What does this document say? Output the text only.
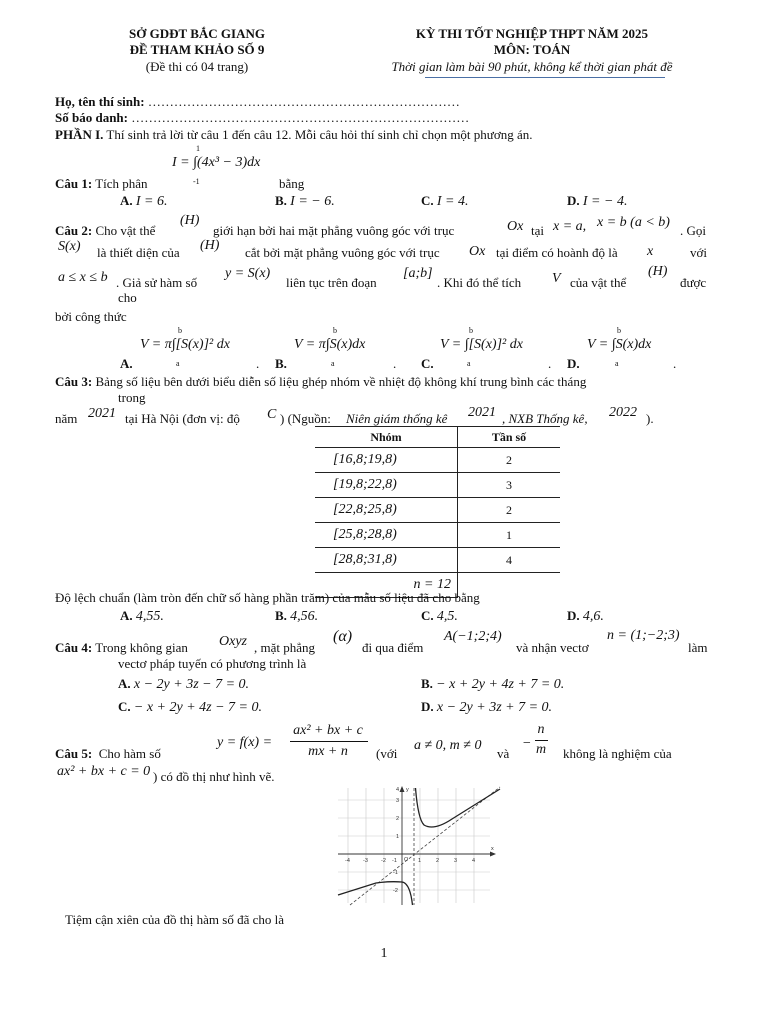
SỞ GDĐT BẮC GIANG
ĐỀ THAM KHẢO SỐ 9
(Đề thi có 04 trang)
KỲ THI TỐT NGHIỆP THPT NĂM 2025
MÔN: TOÁN
Thời gian làm bài 90 phút, không kể thời gian phát đề
Họ, tên thí sinh: ………………………………………………………………
Số báo danh: ……………………………………………………………………
PHẦN I. Thí sinh trả lời từ câu 1 đến câu 12. Mỗi câu hỏi thí sinh chỉ chọn một phương án.
I = ∫(4x³ − 3)dx
1
-1
Câu 1: Tích phân	bằng
A. I = 6.	B. I = − 6.	C. I = 4.	D. I = − 4.
Câu 2: Cho vật thể
(H)
giới hạn bởi hai mặt phẳng vuông góc với trục	Ox tại x = a, x = b (a < b)
. Gọi
S(x) là thiết diện của (H) cắt bởi mặt phẳng vuông góc với trục Ox tại điểm có hoành độ là x	với
a ≤ x ≤ b . Giả sử hàm số
y = S(x)
liên tục trên đoạn
[a;b]
. Khi đó thể tích V của vật thể
(H)
được
cho
bởi công thức
A.
V = π∫[S(x)]² dx
b
a	. B.
V = π∫S(x)dx
b
a	. C.
V = ∫[S(x)]² dx
b
a	. D.
V = ∫S(x)dx
b
a	.
Câu 3: Bảng số liệu bên dưới biểu diễn số liệu ghép nhóm về nhiệt độ không khí trung bình các tháng
trong
năm 2021 tại Hà Nội (đơn vị: độ C ) (Nguồn: Niên giám thống kê 2021 , NXB Thống kê, 2022 ).
Nhóm	Tần số
[16,8;19,8)	2
[19,8;22,8)	3
[22,8;25,8)	2
[25,8;28,8)	1
[28,8;31,8)	4
n = 12	
Độ lệch chuẩn (làm tròn đến chữ số hàng phần trăm) của mẫu số liệu đã cho bằng
A. 4,55.	B. 4,56.	C. 4,5.	D. 4,6.
Câu 4: Trong không gian Oxyz , mặt phẳng
(α)
đi qua điểm
A(−1;2;4)
và nhận vectơ
n = (1;−2;3)
làm
vectơ pháp tuyến có phương trình là
A. x − 2y + 3z − 7 = 0.	B. − x + 2y + 4z + 7 = 0.
C. − x + 2y + 4z − 7 = 0.	D. x − 2y + 3z + 7 = 0.
Câu 5: Cho hàm số
y = f(x) =
ax² + bx + c
mx + n	(với
a ≠ 0, m ≠ 0
và
−
n
m không là nghiệm của
ax² + bx + c = 0 ) có đồ thị như hình vẽ.
-4 -3 -2 -1	1	2	3	4
-2
-1
1
2
3
4
x
y
O
Tiệm cận xiên của đồ thị hàm số đã cho là
1
